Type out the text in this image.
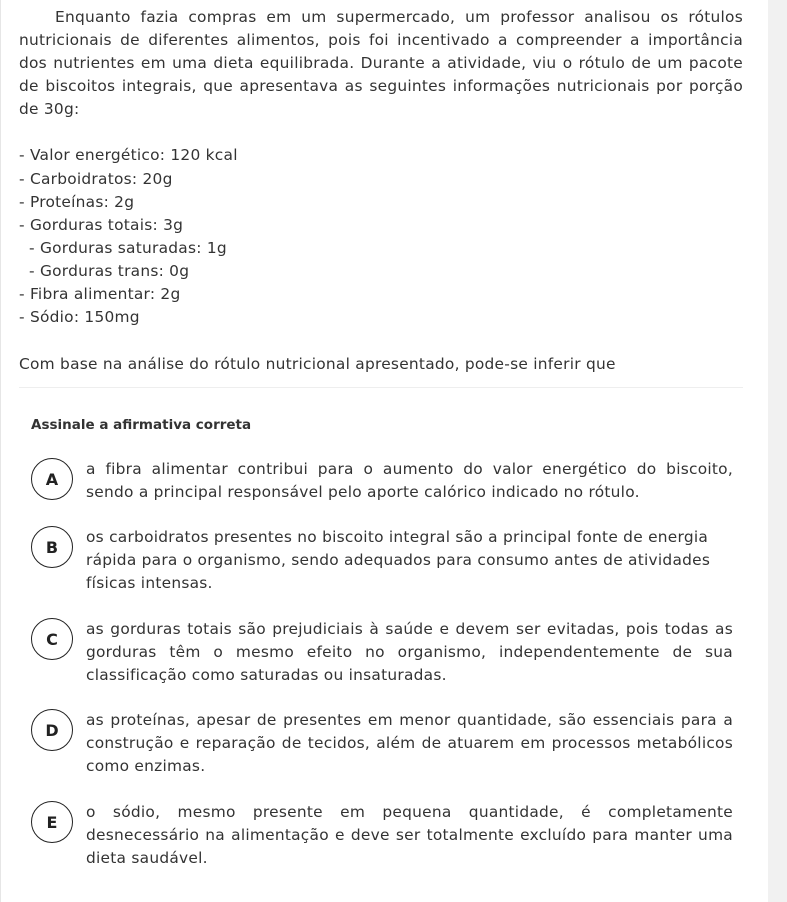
Enquanto fazia compras em um supermercado, um professor analisou os rótulos nutricionais de diferentes alimentos, pois foi incentivado a compreender a importância dos nutrientes em uma dieta equilibrada. Durante a atividade, viu o rótulo de um pacote de biscoitos integrais, que apresentava as seguintes informações nutricionais por porção de 30g:

- Valor energético: 120 kcal
- Carboidratos: 20g
- Proteínas: 2g
- Gorduras totais: 3g
- Gorduras saturadas: 1g
- Gorduras trans: 0g
- Fibra alimentar: 2g
- Sódio: 150mg
Com base na análise do rótulo nutricional apresentado, pode-se inferir que
Assinale a afirmativa correta
A
a fibra alimentar contribui para o aumento do valor energético do biscoito, sendo a principal responsável pelo aporte calórico indicado no rótulo.
B
os carboidratos presentes no biscoito integral são a principal fonte de energia rápida para o organismo, sendo adequados para consumo antes de atividades físicas intensas.
C
as gorduras totais são prejudiciais à saúde e devem ser evitadas, pois todas as gorduras têm o mesmo efeito no organismo, independentemente de sua classificação como saturadas ou insaturadas.
D
as proteínas, apesar de presentes em menor quantidade, são essenciais para a construção e reparação de tecidos, além de atuarem em processos metabólicos como enzimas.
E
o sódio, mesmo presente em pequena quantidade, é completamente desnecessário na alimentação e deve ser totalmente excluído para manter uma dieta saudável.
